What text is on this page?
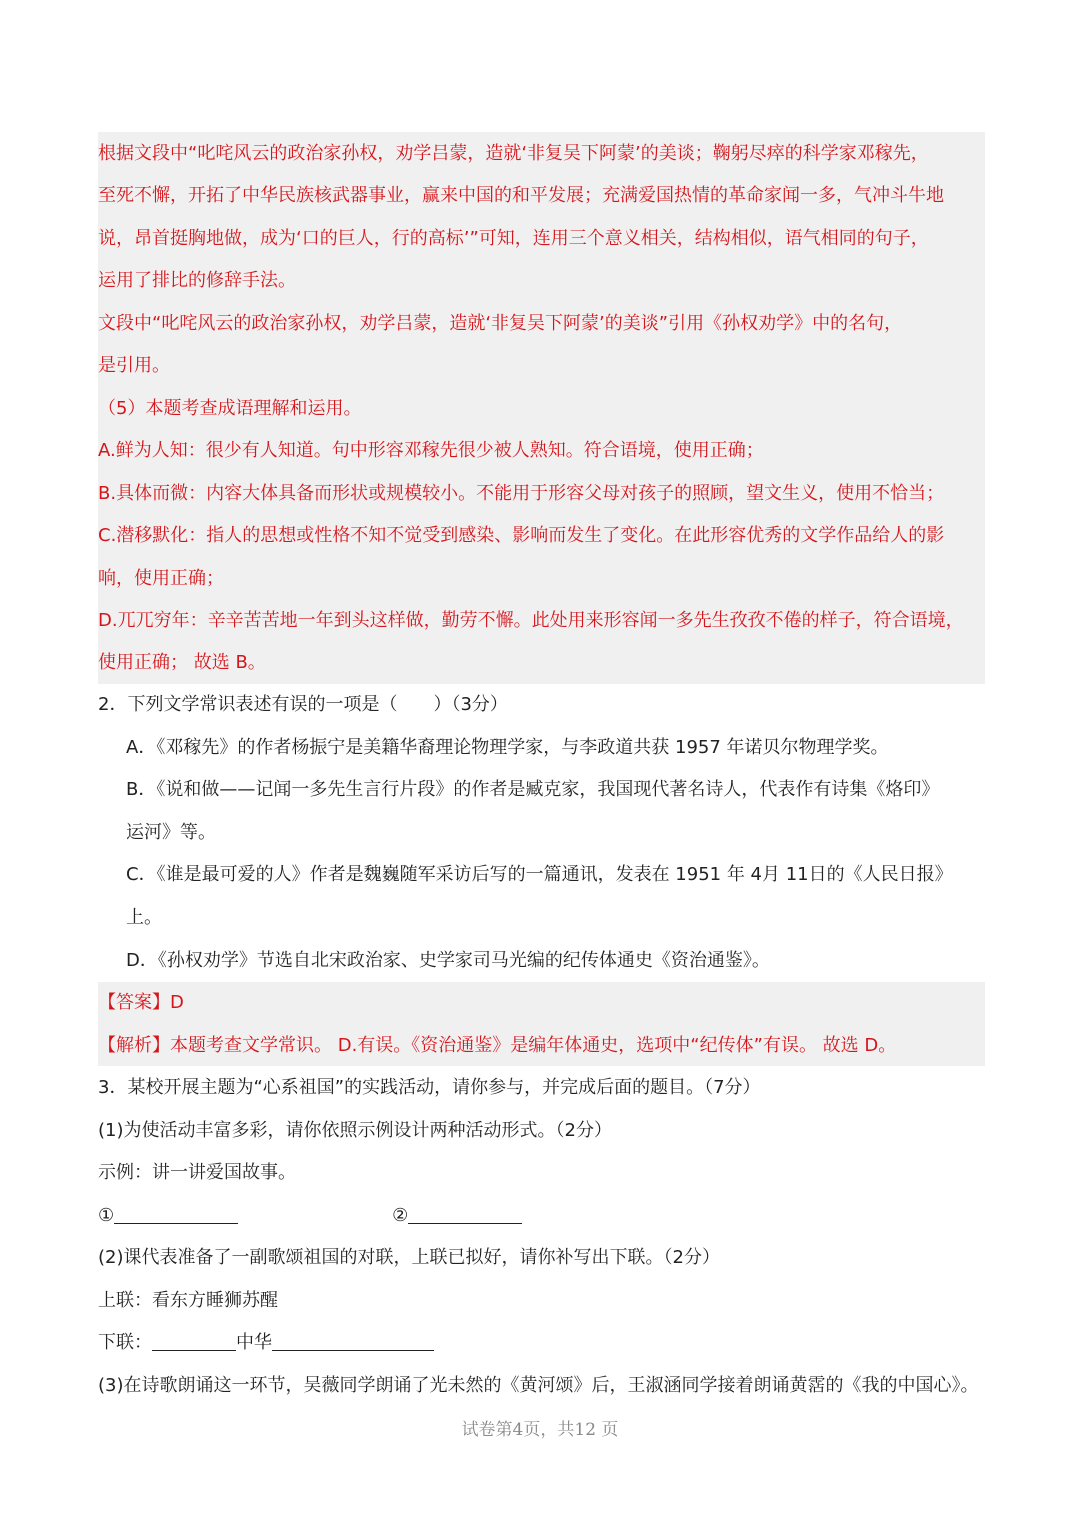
根据文段中“叱咤风云的政治家孙权，劝学吕蒙，造就‘非复吴下阿蒙’的美谈；鞠躬尽瘁的科学家邓稼先，
至死不懈，开拓了中华民族核武器事业，赢来中国的和平发展；充满爱国热情的革命家闻一多，气冲斗牛地
说，昂首挺胸地做，成为‘口的巨人，行的高标’”可知，连用三个意义相关，结构相似，语气相同的句子，
运用了排比的修辞手法。
文段中“叱咤风云的政治家孙权，劝学吕蒙，造就‘非复吴下阿蒙’的美谈”引用《孙权劝学》中的名句，
是引用。
（5）本题考查成语理解和运用。
A.鲜为人知：很少有人知道。句中形容邓稼先很少被人熟知。符合语境，使用正确；
B.具体而微：内容大体具备而形状或规模较小。不能用于形容父母对孩子的照顾，望文生义，使用不恰当；
C.潜移默化：指人的思想或性格不知不觉受到感染、影响而发生了变化。在此形容优秀的文学作品给人的影
响，使用正确；
D.兀兀穷年：辛辛苦苦地一年到头这样做，勤劳不懈。此处用来形容闻一多先生孜孜不倦的样子，符合语境，
使用正确； 故选 B。
2．下列文学常识表述有误的一项是（　　）（3分）
A．《邓稼先》的作者杨振宁是美籍华裔理论物理学家，与李政道共获 1957 年诺贝尔物理学奖。
B．《说和做——记闻一多先生言行片段》的作者是臧克家，我国现代著名诗人，代表作有诗集《烙印》
运河》等。
C．《谁是最可爱的人》作者是魏巍随军采访后写的一篇通讯，发表在 1951 年 4月 11日的《人民日报》
上。
D．《孙权劝学》节选自北宋政治家、史学家司马光编的纪传体通史《资治通鉴》。
【答案】D
【解析】本题考查文学常识。 D.有误。《资治通鉴》是编年体通史，选项中“纪传体”有误。 故选 D。
3．某校开展主题为“心系祖国”的实践活动，请你参与，并完成后面的题目。（7分）
(1)为使活动丰富多彩，请你依照示例设计两种活动形式。（2分）
示例：讲一讲爱国故事。
①	②
(2)课代表准备了一副歌颂祖国的对联，上联已拟好，请你补写出下联。（2分）
上联：看东方睡狮苏醒
下联：	中华
(3)在诗歌朗诵这一环节，吴薇同学朗诵了光未然的《黄河颂》后，王淑涵同学接着朗诵黄霑的《我的中国心》。
试卷第4页，共12 页
